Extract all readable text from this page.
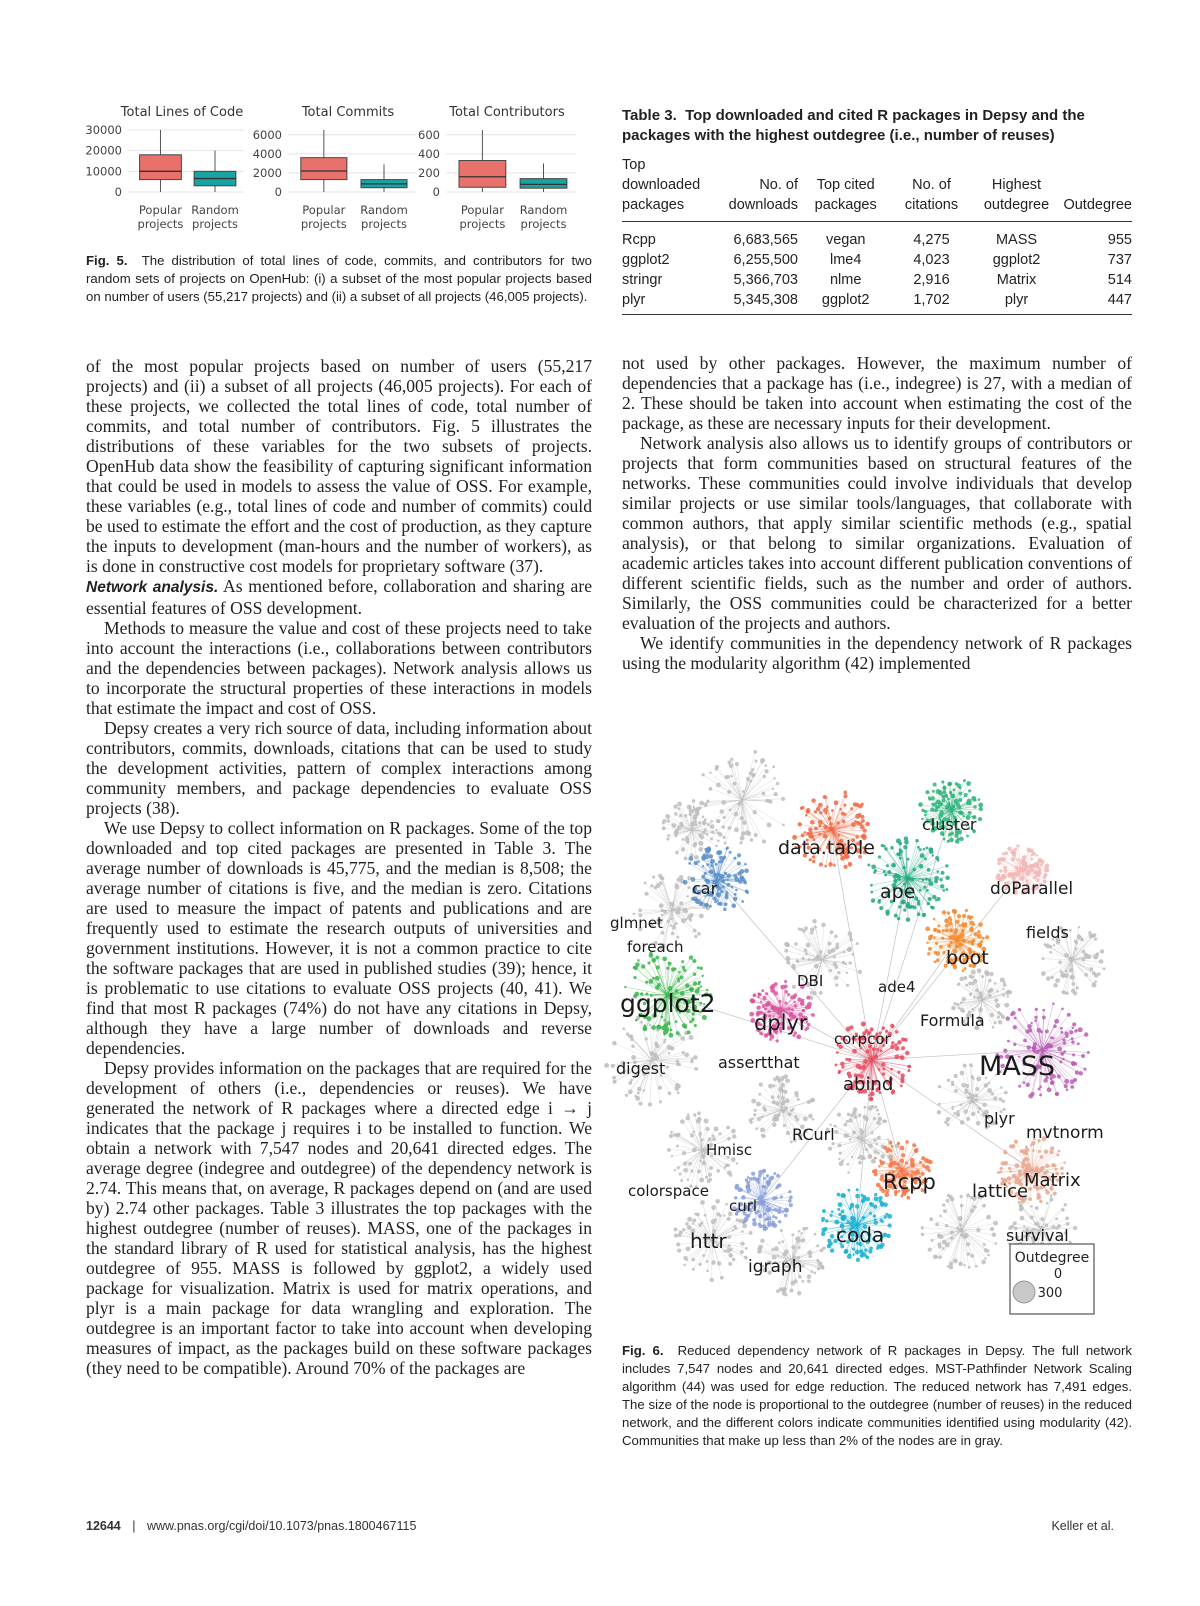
Total Lines of Code
0
10000
20000
30000
Popular
projects
Random
projects
Total Commits
0
2000
4000
6000
Popular
projects
Random
projects
Total Contributors
0
200
400
600
Popular
projects
Random
projects
Fig. 5. The distribution of total lines of code, commits, and contributors for two random sets of projects on OpenHub: (i) a subset of the most popular projects based on number of users (55,217 projects) and (ii) a subset of all projects (46,005 projects).
Table 3. Top downloaded and cited R packages in Depsy and the packages with the highest outdegree (i.e., number of reuses)
Top downloaded packages	No. of downloads	Top cited packages	No. of citations	Highest outdegree	Outdegree
Rcpp	6,683,565	vegan	4,275	MASS	955
ggplot2	6,255,500	lme4	4,023	ggplot2	737
stringr	5,366,703	nlme	2,916	Matrix	514
plyr	5,345,308	ggplot2	1,702	plyr	447

of the most popular projects based on number of users (55,217 projects) and (ii) a subset of all projects (46,005 projects). For each of these projects, we collected the total lines of code, total number of commits, and total number of contributors. Fig. 5 illustrates the distributions of these variables for the two subsets of projects. OpenHub data show the feasibility of capturing significant information that could be used in models to assess the value of OSS. For example, these variables (e.g., total lines of code and number of commits) could be used to estimate the effort and the cost of production, as they capture the inputs to development (man-hours and the number of workers), as is done in constructive cost models for proprietary software (37).

Network analysis. As mentioned before, collaboration and sharing are essential features of OSS development.

Methods to measure the value and cost of these projects need to take into account the interactions (i.e., collaborations between contributors and the dependencies between packages). Network analysis allows us to incorporate the structural properties of these interactions in models that estimate the impact and cost of OSS.

Depsy creates a very rich source of data, including information about contributors, commits, downloads, citations that can be used to study the development activities, pattern of complex interactions among community members, and package dependencies to evaluate OSS projects (38).

We use Depsy to collect information on R packages. Some of the top downloaded and top cited packages are presented in Table 3. The average number of downloads is 45,775, and the median is 8,508; the average number of citations is five, and the median is zero. Citations are used to measure the impact of patents and publications and are frequently used to estimate the research outputs of universities and government institutions. However, it is not a common practice to cite the software packages that are used in published studies (39); hence, it is problematic to use citations to evaluate OSS projects (40, 41). We find that most R packages (74%) do not have any citations in Depsy, although they have a large number of downloads and reverse dependencies.

Depsy provides information on the packages that are required for the development of others (i.e., dependencies or reuses). We have generated the network of R packages where a directed edge i → j indicates that the package j requires i to be installed to function. We obtain a network with 7,547 nodes and 20,641 directed edges. The average degree (indegree and outdegree) of the dependency network is 2.74. This means that, on average, R packages depend on (and are used by) 2.74 other packages. Table 3 illustrates the top packages with the highest outdegree (number of reuses). MASS, one of the packages in the standard library of R used for statistical analysis, has the highest outdegree of 955. MASS is followed by ggplot2, a widely used package for visualization. Matrix is used for matrix operations, and plyr is a main package for data wrangling and exploration. The outdegree is an important factor to take into account when developing measures of impact, as the packages build on these software packages (they need to be compatible). Around 70% of the packages are

not used by other packages. However, the maximum number of dependencies that a package has (i.e., indegree) is 27, with a median of 2. These should be taken into account when estimating the cost of the package, as these are necessary inputs for their development.

Network analysis also allows us to identify groups of contributors or projects that form communities based on structural features of the networks. These communities could involve individuals that develop similar projects or use similar tools/languages, that collaborate with common authors, that apply similar scientific methods (e.g., spatial analysis), or that belong to similar organizations. Evaluation of academic articles takes into account different publication conventions of different scientific fields, such as the number and order of authors. Similarly, the OSS communities could be characterized for a better evaluation of the projects and authors.

We identify communities in the dependency network of R packages using the modularity algorithm (42) implemented

data.table
cluster
car	ape	doParallel
glmnet	fields
foreach	boot
DBI	ade4
ggplot2
dplyr	Formula
corpcor
digest	assertthat	MASS
abind
plyr
mvtnorm
RCurl
Hmisc
Rcpp	Matrix
colorspace	lattice
curl
coda	survival
httr
igraph	Outdegree
0
300
Fig. 6. Reduced dependency network of R packages in Depsy. The full network includes 7,547 nodes and 20,641 directed edges. MST-Pathfinder Network Scaling algorithm (44) was used for edge reduction. The reduced network has 7,491 edges. The size of the node is proportional to the outdegree (number of reuses) in the reduced network, and the different colors indicate communities identified using modularity (42). Communities that make up less than 2% of the nodes are in gray.
12644 | www.pnas.org/cgi/doi/10.1073/pnas.1800467115	Keller et al.
